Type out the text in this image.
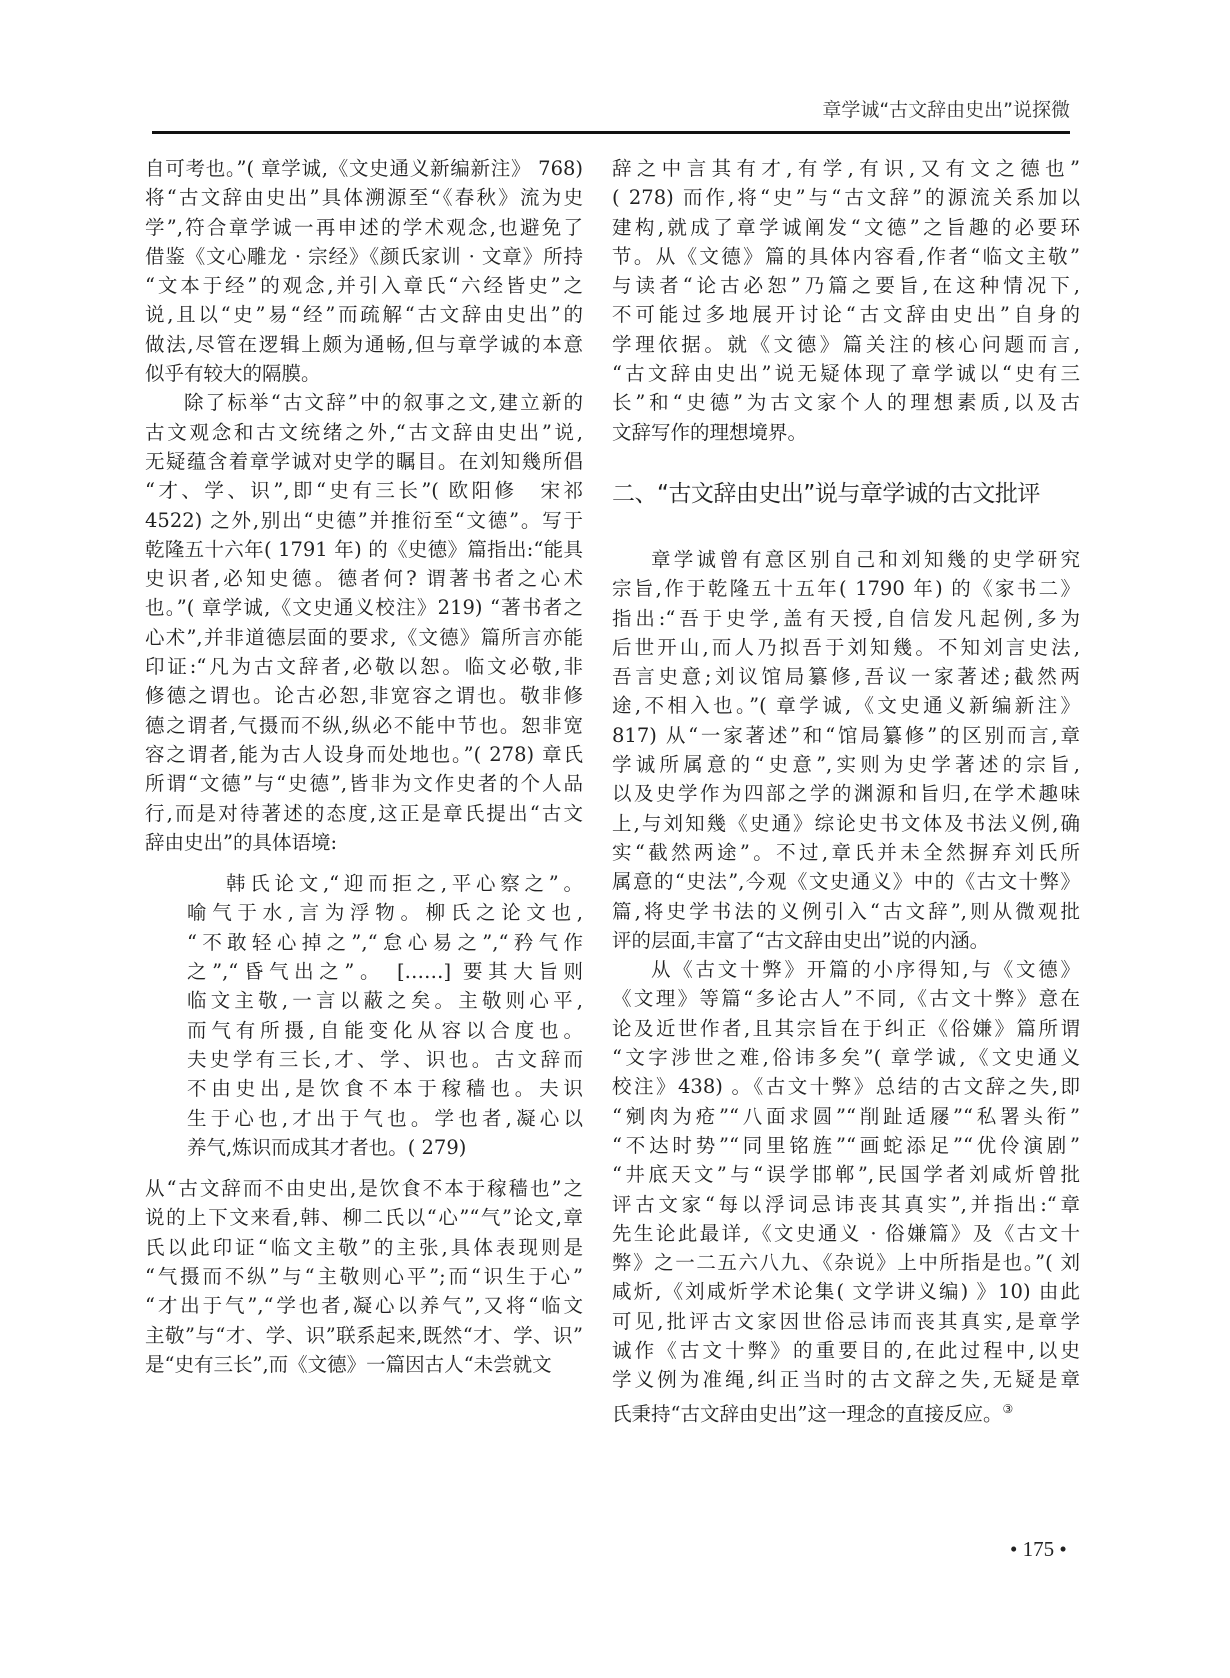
章学诚“古文辞由史出”说探微
自可考也。”( 章学诚,《文史通义新编新注》 768)
将“古文辞由史出”具体溯源至“《春秋》流为史
学”,符合章学诚一再申述的学术观念,也避免了
借鉴《文心雕龙 · 宗经》《颜氏家训 · 文章》所持
“文本于经”的观念,并引入章氏“六经皆史”之
说,且以“史”易“经”而疏解“古文辞由史出”的
做法,尽管在逻辑上颇为通畅,但与章学诚的本意
似乎有较大的隔膜。
除了标举“古文辞”中的叙事之文,建立新的
古文观念和古文统绪之外,“古文辞由史出”说,
无疑蕴含着章学诚对史学的瞩目。在刘知幾所倡
“才、学、识”,即“史有三长”( 欧阳修　宋祁
4522) 之外,别出“史德”并推衍至“文德”。写于
乾隆五十六年( 1791 年) 的《史德》篇指出:“能具
史识者,必知史德。德者何? 谓著书者之心术
也。”( 章学诚,《文史通义校注》219) “著书者之
心术”,并非道德层面的要求,《文德》篇所言亦能
印证:“凡为古文辞者,必敬以恕。临文必敬,非
修德之谓也。论古必恕,非宽容之谓也。敬非修
德之谓者,气摄而不纵,纵必不能中节也。恕非宽
容之谓者,能为古人设身而处地也。”( 278) 章氏
所谓“文德”与“史德”,皆非为文作史者的个人品
行,而是对待著述的态度,这正是章氏提出“古文
辞由史出”的具体语境:
韩氏论文,“迎而拒之,平心察之”。
喻气于水,言为浮物。柳氏之论文也,
“不敢轻心掉之”,“怠心易之”,“矜气作
之”,“昏气出之”。 [……] 要其大旨则
临文主敬,一言以蔽之矣。主敬则心平,
而气有所摄,自能变化从容以合度也。
夫史学有三长,才、学、识也。古文辞而
不由史出,是饮食不本于稼穑也。夫识
生于心也,才出于气也。学也者,凝心以
养气,炼识而成其才者也。( 279)
从“古文辞而不由史出,是饮食不本于稼穑也”之
说的上下文来看,韩、柳二氏以“心”“气”论文,章
氏以此印证“临文主敬”的主张,具体表现则是
“气摄而不纵”与“主敬则心平”;而“识生于心”
“才出于气”,“学也者,凝心以养气”,又将“临文
主敬”与“才、学、识”联系起来,既然“才、学、识”
是“史有三长”,而《文德》一篇因古人“未尝就文
辞之中言其有才,有学,有识,又有文之德也”
( 278) 而作,将“史”与“古文辞”的源流关系加以
建构,就成了章学诚阐发“文德”之旨趣的必要环
节。从《文德》篇的具体内容看,作者“临文主敬”
与读者“论古必恕”乃篇之要旨,在这种情况下,
不可能过多地展开讨论“古文辞由史出”自身的
学理依据。就《文德》篇关注的核心问题而言,
“古文辞由史出”说无疑体现了章学诚以“史有三
长”和“史德”为古文家个人的理想素质,以及古
文辞写作的理想境界。
二、“古文辞由史出”说与章学诚的古文批评
章学诚曾有意区别自己和刘知幾的史学研究
宗旨,作于乾隆五十五年( 1790 年) 的《家书二》
指出:“吾于史学,盖有天授,自信发凡起例,多为
后世开山,而人乃拟吾于刘知幾。不知刘言史法,
吾言史意;刘议馆局纂修,吾议一家著述;截然两
途,不相入也。”( 章学诚,《文史通义新编新注》
817) 从“一家著述”和“馆局纂修”的区别而言,章
学诚所属意的“史意”,实则为史学著述的宗旨,
以及史学作为四部之学的渊源和旨归,在学术趣味
上,与刘知幾《史通》综论史书文体及书法义例,确
实“截然两途”。不过,章氏并未全然摒弃刘氏所
属意的“史法”,今观《文史通义》中的《古文十弊》
篇,将史学书法的义例引入“古文辞”,则从微观批
评的层面,丰富了“古文辞由史出”说的内涵。
从《古文十弊》开篇的小序得知,与《文德》
《文理》等篇“多论古人”不同,《古文十弊》意在
论及近世作者,且其宗旨在于纠正《俗嫌》篇所谓
“文字涉世之难,俗讳多矣”( 章学诚,《文史通义
校注》438) 。《古文十弊》总结的古文辞之失,即
“剜肉为疮”“八面求圆”“削趾适屦”“私署头衔”
“不达时势”“同里铭旌”“画蛇添足”“优伶演剧”
“井底天文”与“误学邯郸”,民国学者刘咸炘曾批
评古文家“每以浮词忌讳丧其真实”,并指出:“章
先生论此最详,《文史通义 · 俗嫌篇》及《古文十
弊》之一二五六八九、《杂说》上中所指是也。”( 刘
咸炘,《刘咸炘学术论集( 文学讲义编) 》10) 由此
可见,批评古文家因世俗忌讳而丧其真实,是章学
诚作《古文十弊》的重要目的,在此过程中,以史
学义例为准绳,纠正当时的古文辞之失,无疑是章
氏秉持“古文辞由史出”这一理念的直接反应。③
• 175 •
